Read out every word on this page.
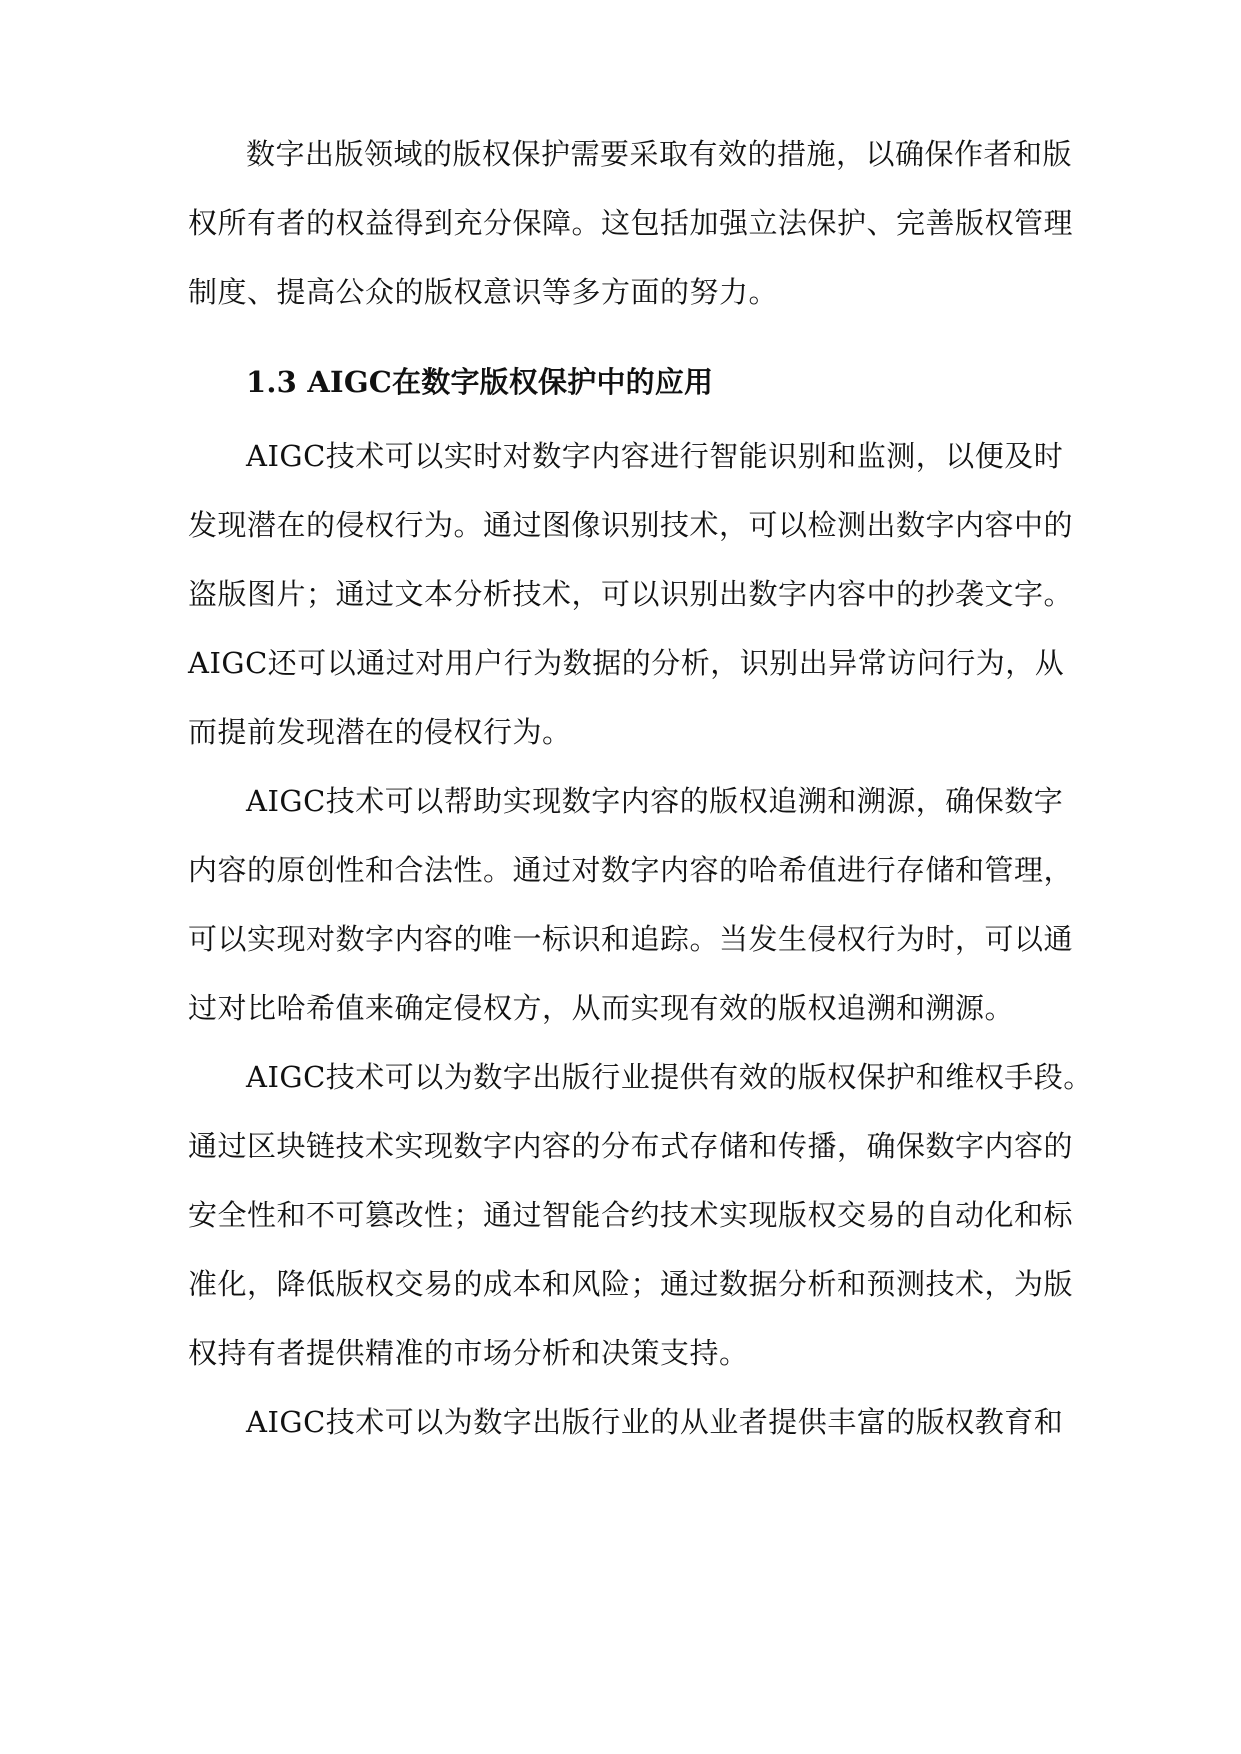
数字出版领域的版权保护需要采取有效的措施，以确保作者和版
权所有者的权益得到充分保障。这包括加强立法保护、完善版权管理
制度、提高公众的版权意识等多方面的努力。
1.3 AIGC在数字版权保护中的应用
AIGC技术可以实时对数字内容进行智能识别和监测，以便及时
发现潜在的侵权行为。通过图像识别技术，可以检测出数字内容中的
盗版图片；通过文本分析技术，可以识别出数字内容中的抄袭文字。
AIGC还可以通过对用户行为数据的分析，识别出异常访问行为，从
而提前发现潜在的侵权行为。
AIGC技术可以帮助实现数字内容的版权追溯和溯源，确保数字
内容的原创性和合法性。通过对数字内容的哈希值进行存储和管理，
可以实现对数字内容的唯一标识和追踪。当发生侵权行为时，可以通
过对比哈希值来确定侵权方，从而实现有效的版权追溯和溯源。
AIGC技术可以为数字出版行业提供有效的版权保护和维权手段。
通过区块链技术实现数字内容的分布式存储和传播，确保数字内容的
安全性和不可篡改性；通过智能合约技术实现版权交易的自动化和标
准化，降低版权交易的成本和风险；通过数据分析和预测技术，为版
权持有者提供精准的市场分析和决策支持。
AIGC技术可以为数字出版行业的从业者提供丰富的版权教育和
